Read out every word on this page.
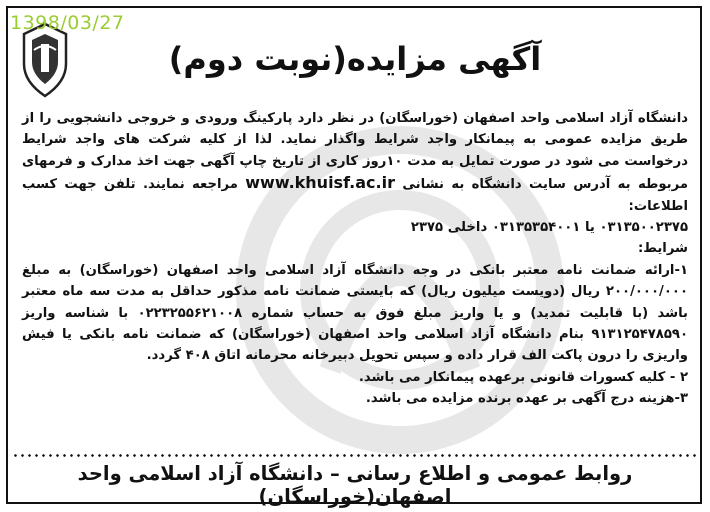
1398/03/27
آگهی مزایده(نوبت دوم)

دانشگاه آزاد اسلامی واحد اصفهان (خوراسگان) در نظر دارد پارکینگ ورودی و خروجی دانشجویی را از طریق مزایده عمومی به پیمانکار واجد شرایط واگذار نماید. لذا از کلیه شرکت های واجد شرایط درخواست می شود در صورت تمایل به مدت ۱۰روز کاری از تاریخ چاپ آگهی جهت اخذ مدارک و فرمهای مربوطه به آدرس سایت دانشگاه به نشانی www.khuisf.ac.ir مراجعه نمایند. تلفن جهت کسب اطلاعات:

۰۳۱۳۵۰۰۲۳۷۵ یا ۰۳۱۳۵۳۵۴۰۰۱ داخلی ۲۳۷۵

شرایط:

۱-ارائه ضمانت نامه معتبر بانکی در وجه دانشگاه آزاد اسلامی واحد اصفهان (خوراسگان) به مبلغ ۲۰۰/۰۰۰/۰۰۰ ریال (دویست میلیون ریال) که بایستی ضمانت نامه مذکور حداقل به مدت سه ماه معتبر باشد (با قابلیت تمدید) و یا واریز مبلغ فوق به حساب شماره ۰۲۲۳۲۵۵۶۲۱۰۰۸ با شناسه واریز ۹۱۳۱۲۵۴۷۸۵۹۰ بنام دانشگاه آزاد اسلامی واحد اصفهان (خوراسگان) که ضمانت نامه بانکی یا فیش واریزی را درون پاکت الف قرار داده و سپس تحویل دبیرخانه محرمانه اتاق ۴۰۸ گردد.

۲ - کلیه کسورات قانونی برعهده پیمانکار می باشد.

۳-هزینه درج آگهی بر عهده برنده مزایده می باشد.

روابط عمومی و اطلاع رسانی – دانشگاه آزاد اسلامی واحد اصفهان(خوراسگان)
